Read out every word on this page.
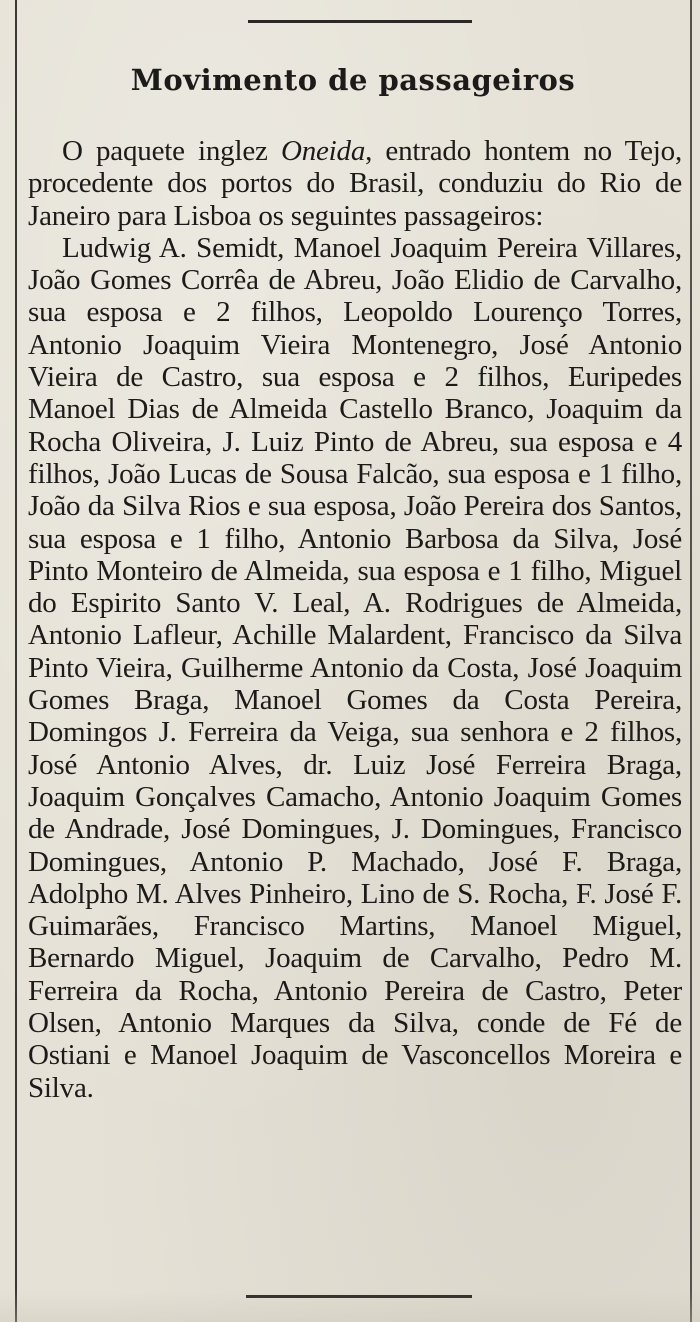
Movimento de passageiros

O paquete inglez Oneida, entrado hontem no Tejo, procedente dos portos do Brasil, conduziu do Rio de Janeiro para Lisboa os seguintes passageiros:

Ludwig A. Semidt, Manoel Joaquim Pereira Villares, João Gomes Corrêa de Abreu, João Elidio de Carvalho, sua esposa e 2 filhos, Leopoldo Lourenço Torres, Antonio Joaquim Vieira Montenegro, José Antonio Vieira de Castro, sua esposa e 2 filhos, Euripedes Manoel Dias de Almeida Castello Branco, Joaquim da Rocha Oliveira, J. Luiz Pinto de Abreu, sua esposa e 4 filhos, João Lucas de Sousa Falcão, sua esposa e 1 filho, João da Silva Rios e sua esposa, João Pereira dos Santos, sua esposa e 1 filho, Antonio Barbosa da Silva, José Pinto Monteiro de Almeida, sua esposa e 1 filho, Miguel do Espirito Santo V. Leal, A. Rodrigues de Almeida, Antonio Lafleur, Achille Malardent, Francisco da Silva Pinto Vieira, Guilherme Antonio da Costa, José Joaquim Gomes Braga, Manoel Gomes da Costa Pereira, Domingos J. Ferreira da Veiga, sua senhora e 2 filhos, José Antonio Alves, dr. Luiz José Ferreira Braga, Joaquim Gonçalves Camacho, Antonio Joaquim Gomes de Andrade, José Domingues, J. Domingues, Francisco Domingues, Antonio P. Machado, José F. Braga, Adolpho M. Alves Pinheiro, Lino de S. Rocha, F. José F. Guimarães, Francisco Martins, Manoel Miguel, Bernardo Miguel, Joaquim de Carvalho, Pedro M. Ferreira da Rocha, Antonio Pereira de Castro, Peter Olsen, Antonio Marques da Silva, conde de Fé de Ostiani e Manoel Joaquim de Vasconcellos Moreira e Silva.
